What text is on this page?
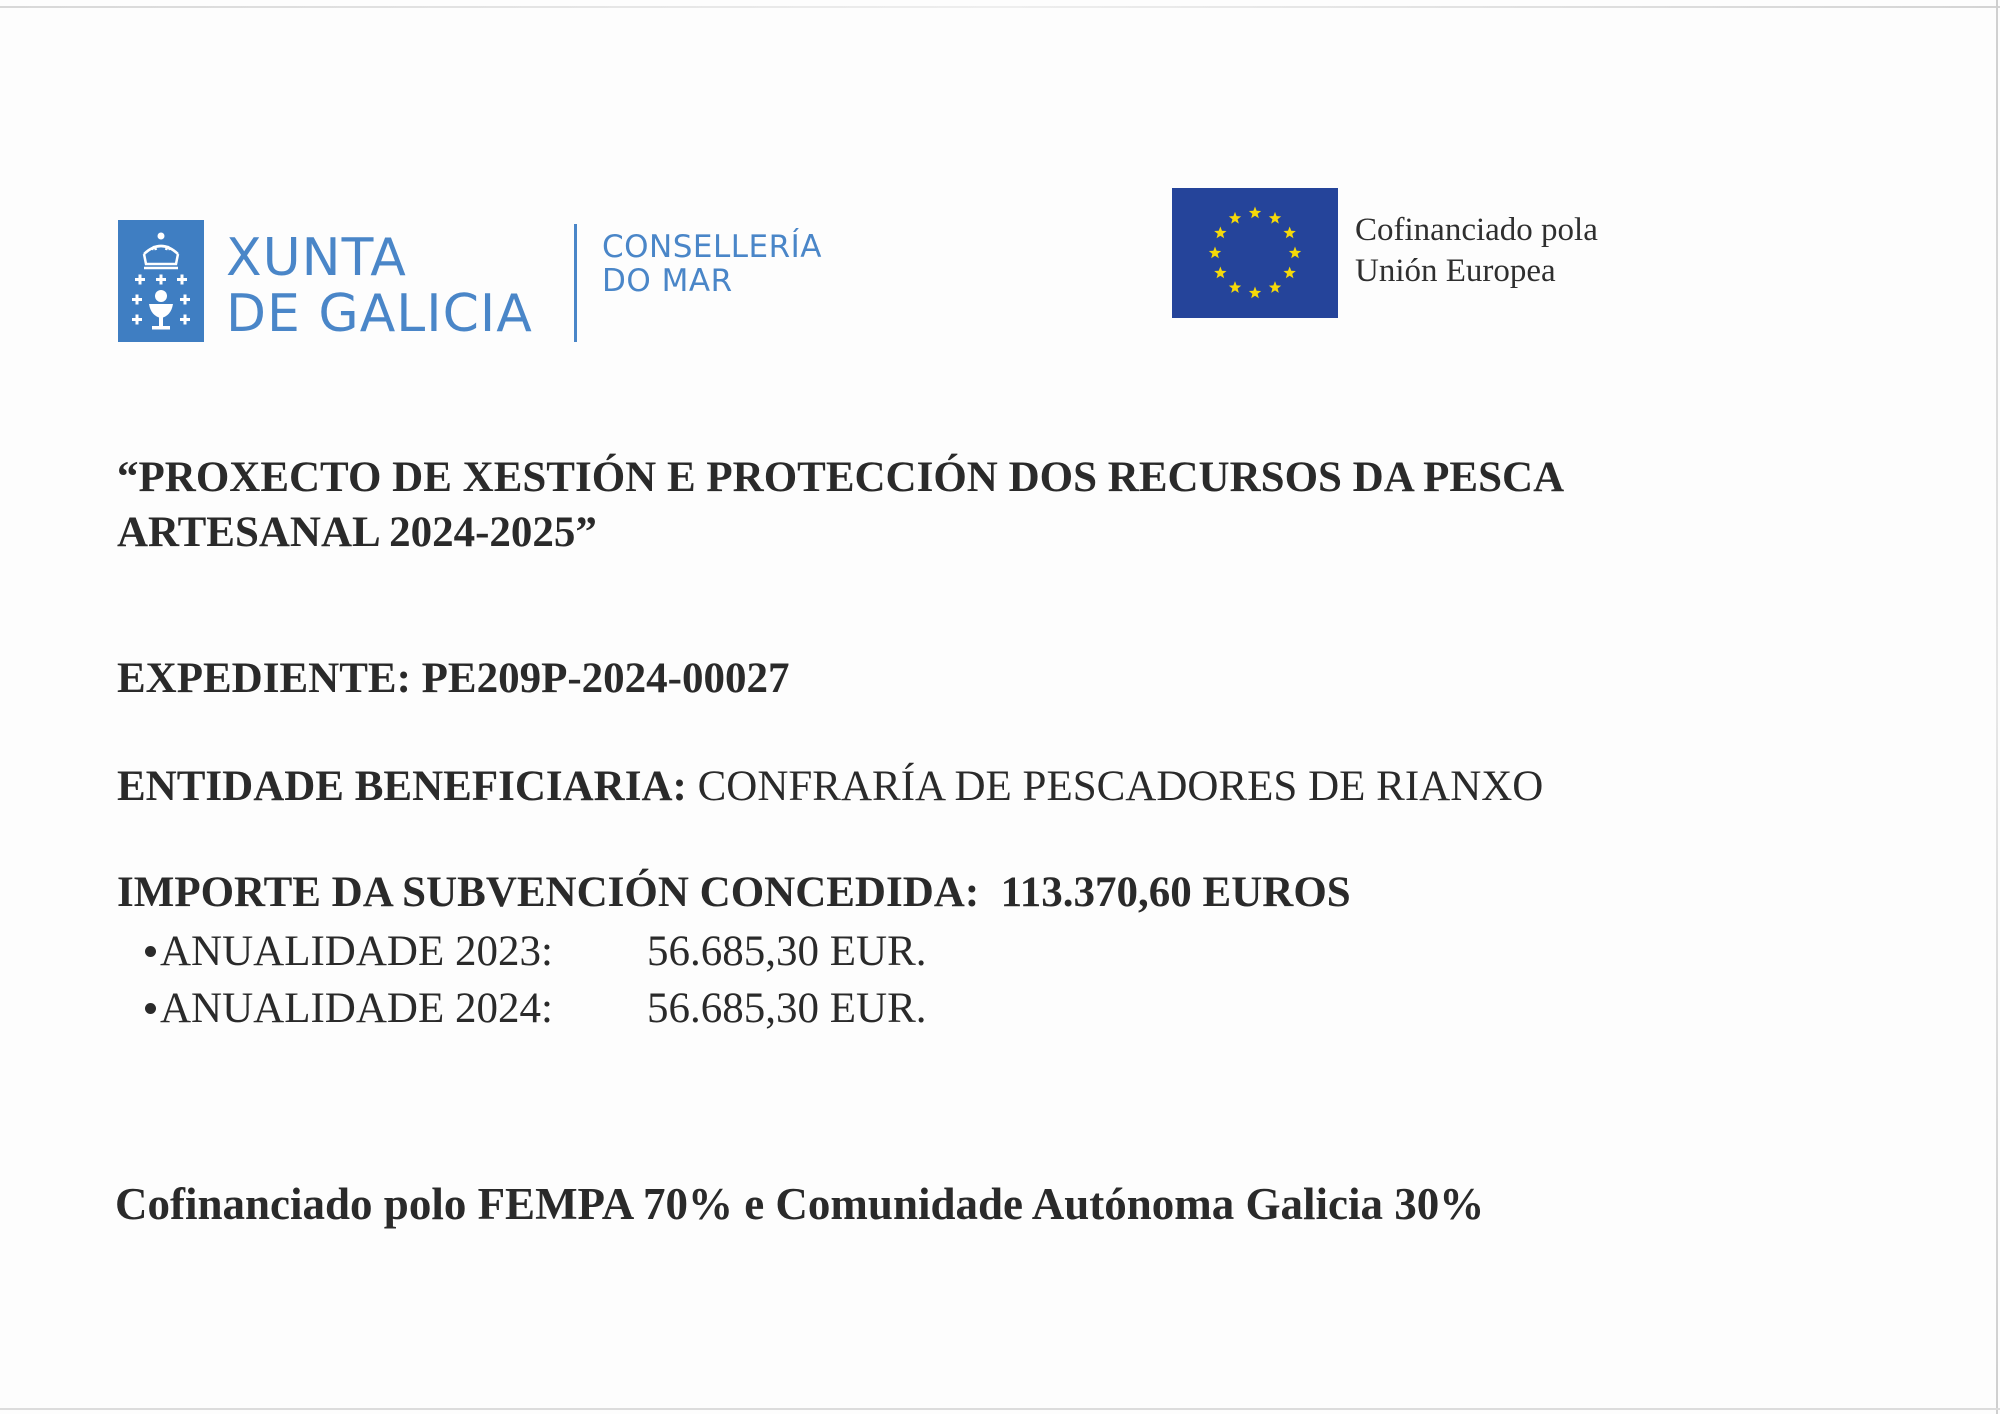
XUNTA
DE GALICIA
CONSELLERÍA
DO MAR
Cofinanciado pola
Unión Europea
“PROXECTO DE XESTIÓN E PROTECCIÓN DOS RECURSOS DA PESCA
ARTESANAL 2024-2025”
EXPEDIENTE: PE209P-2024-00027
ENTIDADE BENEFICIARIA: CONFRARÍA DE PESCADORES DE RIANXO
IMPORTE DA SUBVENCIÓN CONCEDIDA: 113.370,60 EUROS
ANUALIDADE 2023: 56.685,30 EUR.
ANUALIDADE 2024: 56.685,30 EUR.
Cofinanciado polo FEMPA 70% e Comunidade Autónoma Galicia 30%
